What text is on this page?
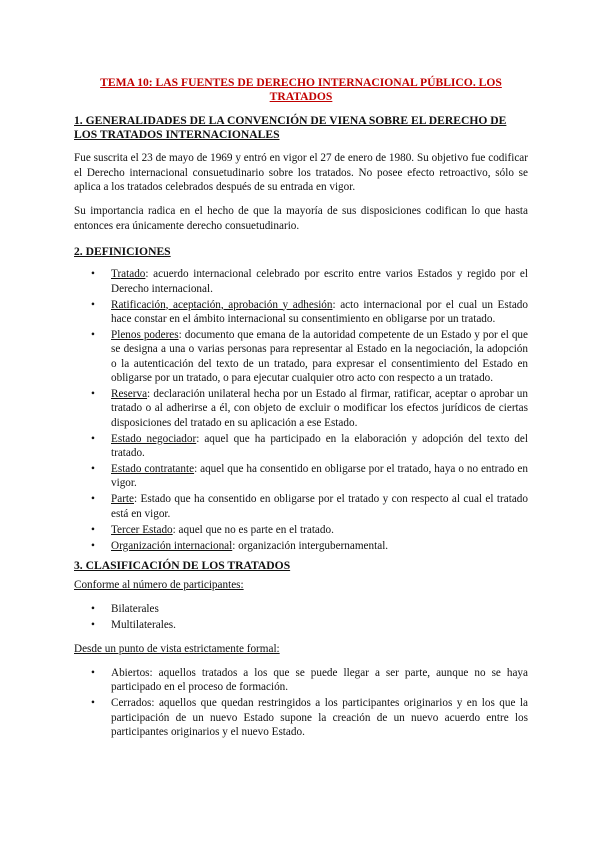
TEMA 10: LAS FUENTES DE DERECHO INTERNACIONAL PÚBLICO. LOS TRATADOS
1. GENERALIDADES DE LA CONVENCIÓN DE VIENA SOBRE EL DERECHO DE LOS TRATADOS INTERNACIONALES

Fue suscrita el 23 de mayo de 1969 y entró en vigor el 27 de enero de 1980. Su objetivo fue codificar el Derecho internacional consuetudinario sobre los tratados. No posee efecto retroactivo, sólo se aplica a los tratados celebrados después de su entrada en vigor.

Su importancia radica en el hecho de que la mayoría de sus disposiciones codifican lo que hasta entonces era únicamente derecho consuetudinario.

2. DEFINICIONES
• Tratado: acuerdo internacional celebrado por escrito entre varios Estados y regido por el Derecho internacional.
• Ratificación, aceptación, aprobación y adhesión: acto internacional por el cual un Estado hace constar en el ámbito internacional su consentimiento en obligarse por un tratado.
• Plenos poderes: documento que emana de la autoridad competente de un Estado y por el que se designa a una o varias personas para representar al Estado en la negociación, la adopción o la autenticación del texto de un tratado, para expresar el consentimiento del Estado en obligarse por un tratado, o para ejecutar cualquier otro acto con respecto a un tratado.
• Reserva: declaración unilateral hecha por un Estado al firmar, ratificar, aceptar o aprobar un tratado o al adherirse a él, con objeto de excluir o modificar los efectos jurídicos de ciertas disposiciones del tratado en su aplicación a ese Estado.
• Estado negociador: aquel que ha participado en la elaboración y adopción del texto del tratado.
• Estado contratante: aquel que ha consentido en obligarse por el tratado, haya o no entrado en vigor.
• Parte: Estado que ha consentido en obligarse por el tratado y con respecto al cual el tratado está en vigor.
• Tercer Estado: aquel que no es parte en el tratado.
• Organización internacional: organización intergubernamental.
3. CLASIFICACIÓN DE LOS TRATADOS

Conforme al número de participantes:

• Bilaterales
• Multilaterales.

Desde un punto de vista estrictamente formal:

• Abiertos: aquellos tratados a los que se puede llegar a ser parte, aunque no se haya participado en el proceso de formación.
• Cerrados: aquellos que quedan restringidos a los participantes originarios y en los que la participación de un nuevo Estado supone la creación de un nuevo acuerdo entre los participantes originarios y el nuevo Estado.
